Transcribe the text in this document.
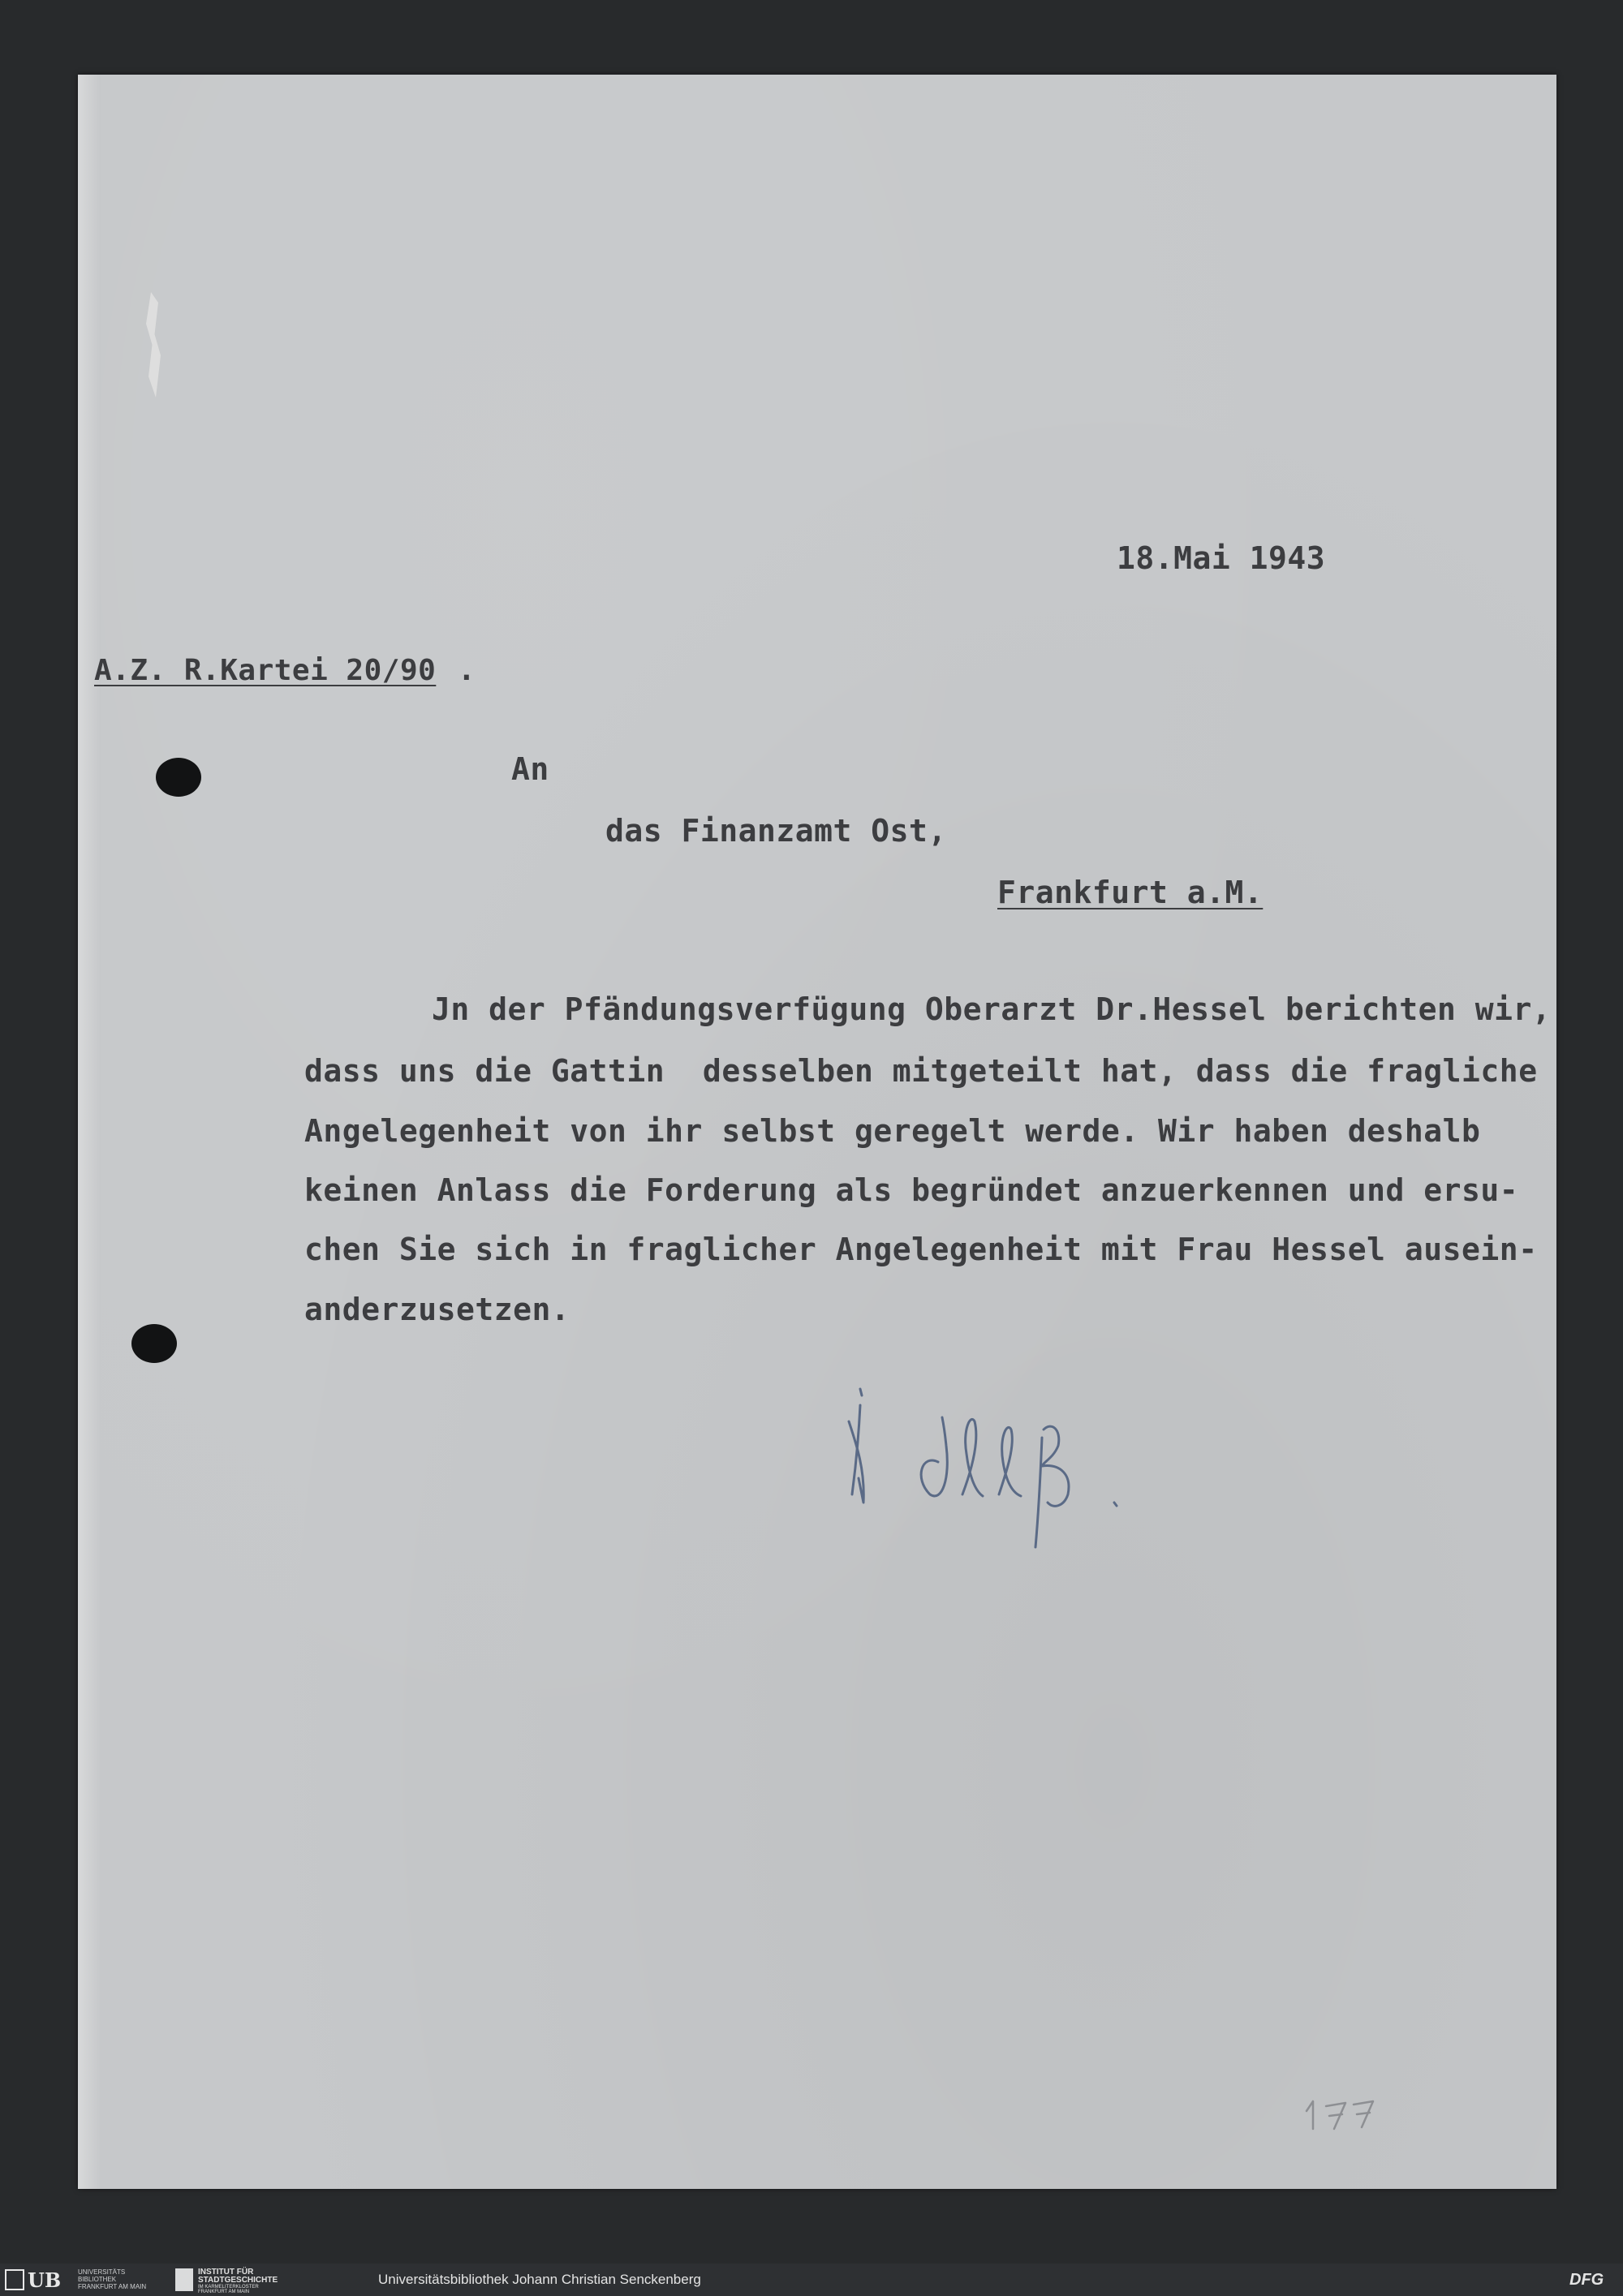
18.Mai 1943

A.Z. R.Kartei 20/90 .

An

das Finanzamt Ost,

Frankfurt a.M.

Jn der Pfändungsverfügung Oberarzt Dr.Hessel berichten wir,

dass uns die Gattin  desselben mitgeteilt hat, dass die fragliche

Angelegenheit von ihr selbst geregelt werde. Wir haben deshalb

keinen Anlass die Forderung als begründet anzuerkennen und ersu-

chen Sie sich in fraglicher Angelegenheit mit Frau Hessel ausein-

anderzusetzen.

UB	UNIVERSITÄTS
BIBLIOTHEK
FRANKFURT AM MAIN
INSTITUT FÜR
STADTGESCHICHTE
IM KARMELITERKLOSTER
FRANKFURT AM MAIN
Universitätsbibliothek Johann Christian Senckenberg	DFG
